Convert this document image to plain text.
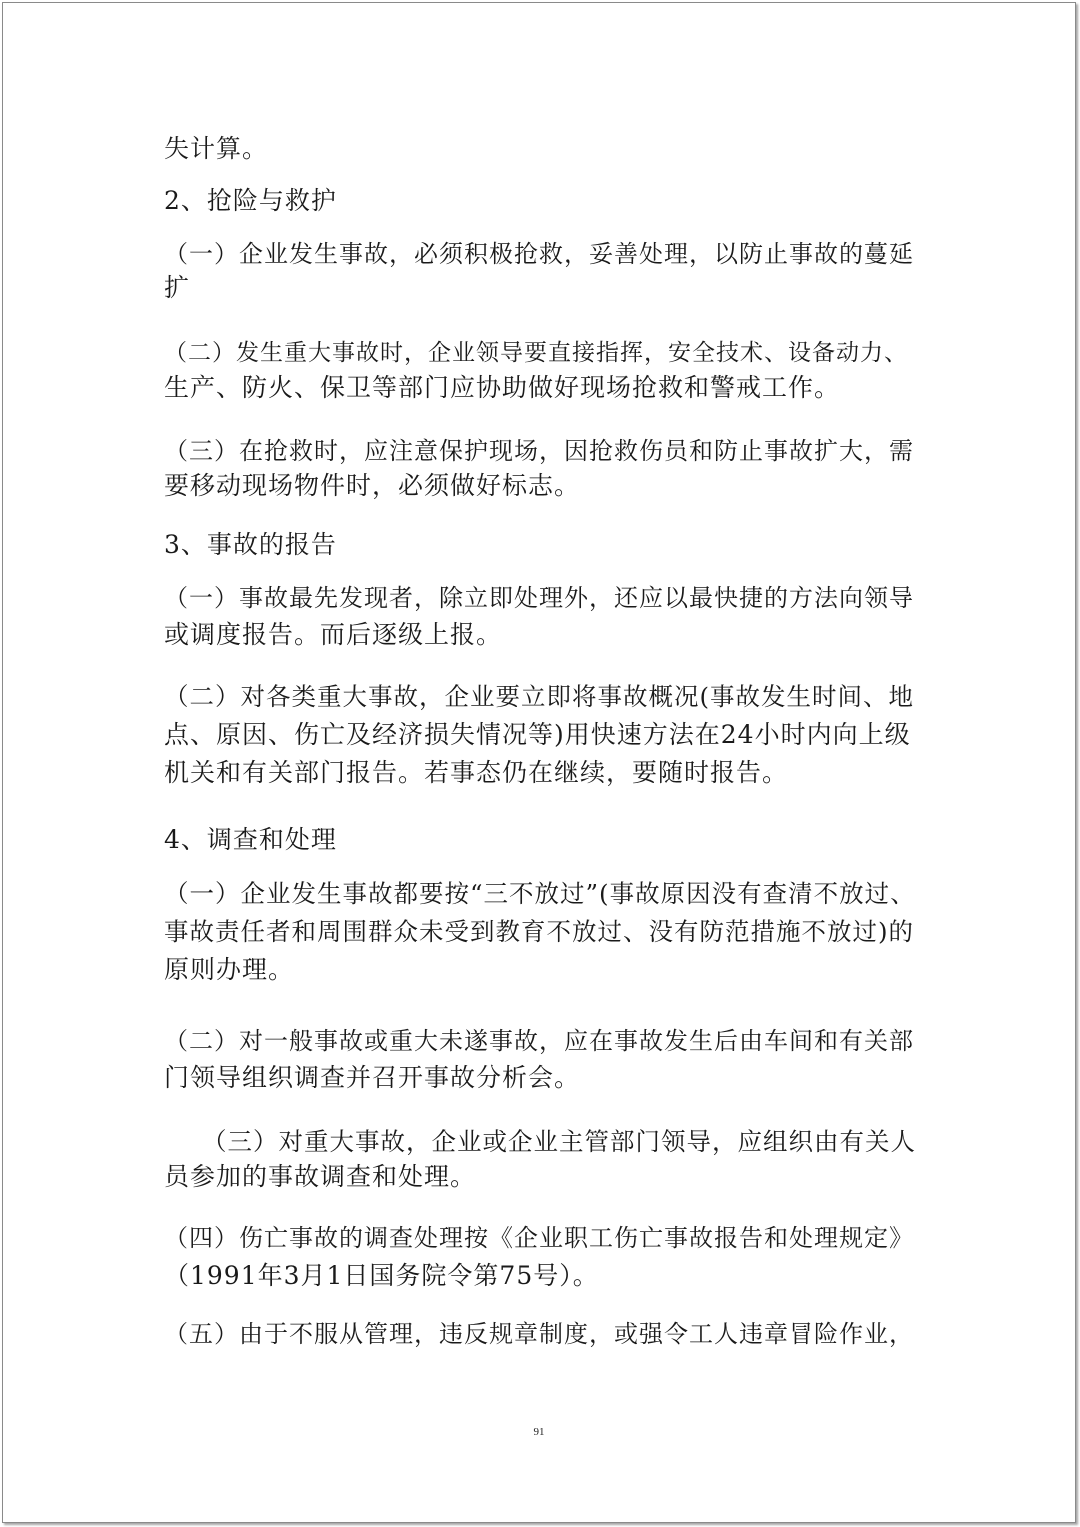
失计算。
2、抢险与救护
（一）企业发生事故，必须积极抢救，妥善处理，以防止事故的蔓延
扩
（二）发生重大事故时，企业领导要直接指挥，安全技术、设备动力、
生产、防火、保卫等部门应协助做好现场抢救和警戒工作。
（三）在抢救时，应注意保护现场，因抢救伤员和防止事故扩大，需
要移动现场物件时，必须做好标志。
3、事故的报告
（一）事故最先发现者，除立即处理外，还应以最快捷的方法向领导
或调度报告。而后逐级上报。
（二）对各类重大事故，企业要立即将事故概况(事故发生时间、地
点、原因、伤亡及经济损失情况等)用快速方法在24小时内向上级
机关和有关部门报告。若事态仍在继续，要随时报告。
4、调查和处理
（一）企业发生事故都要按“三不放过”(事故原因没有查清不放过、
事故责任者和周围群众未受到教育不放过、没有防范措施不放过)的
原则办理。
（二）对一般事故或重大未遂事故，应在事故发生后由车间和有关部
门领导组织调查并召开事故分析会。
（三）对重大事故，企业或企业主管部门领导，应组织由有关人
员参加的事故调查和处理。
（四）伤亡事故的调查处理按《企业职工伤亡事故报告和处理规定》
（1991年3月1日国务院令第75号）。
（五）由于不服从管理，违反规章制度，或强令工人违章冒险作业，
91
